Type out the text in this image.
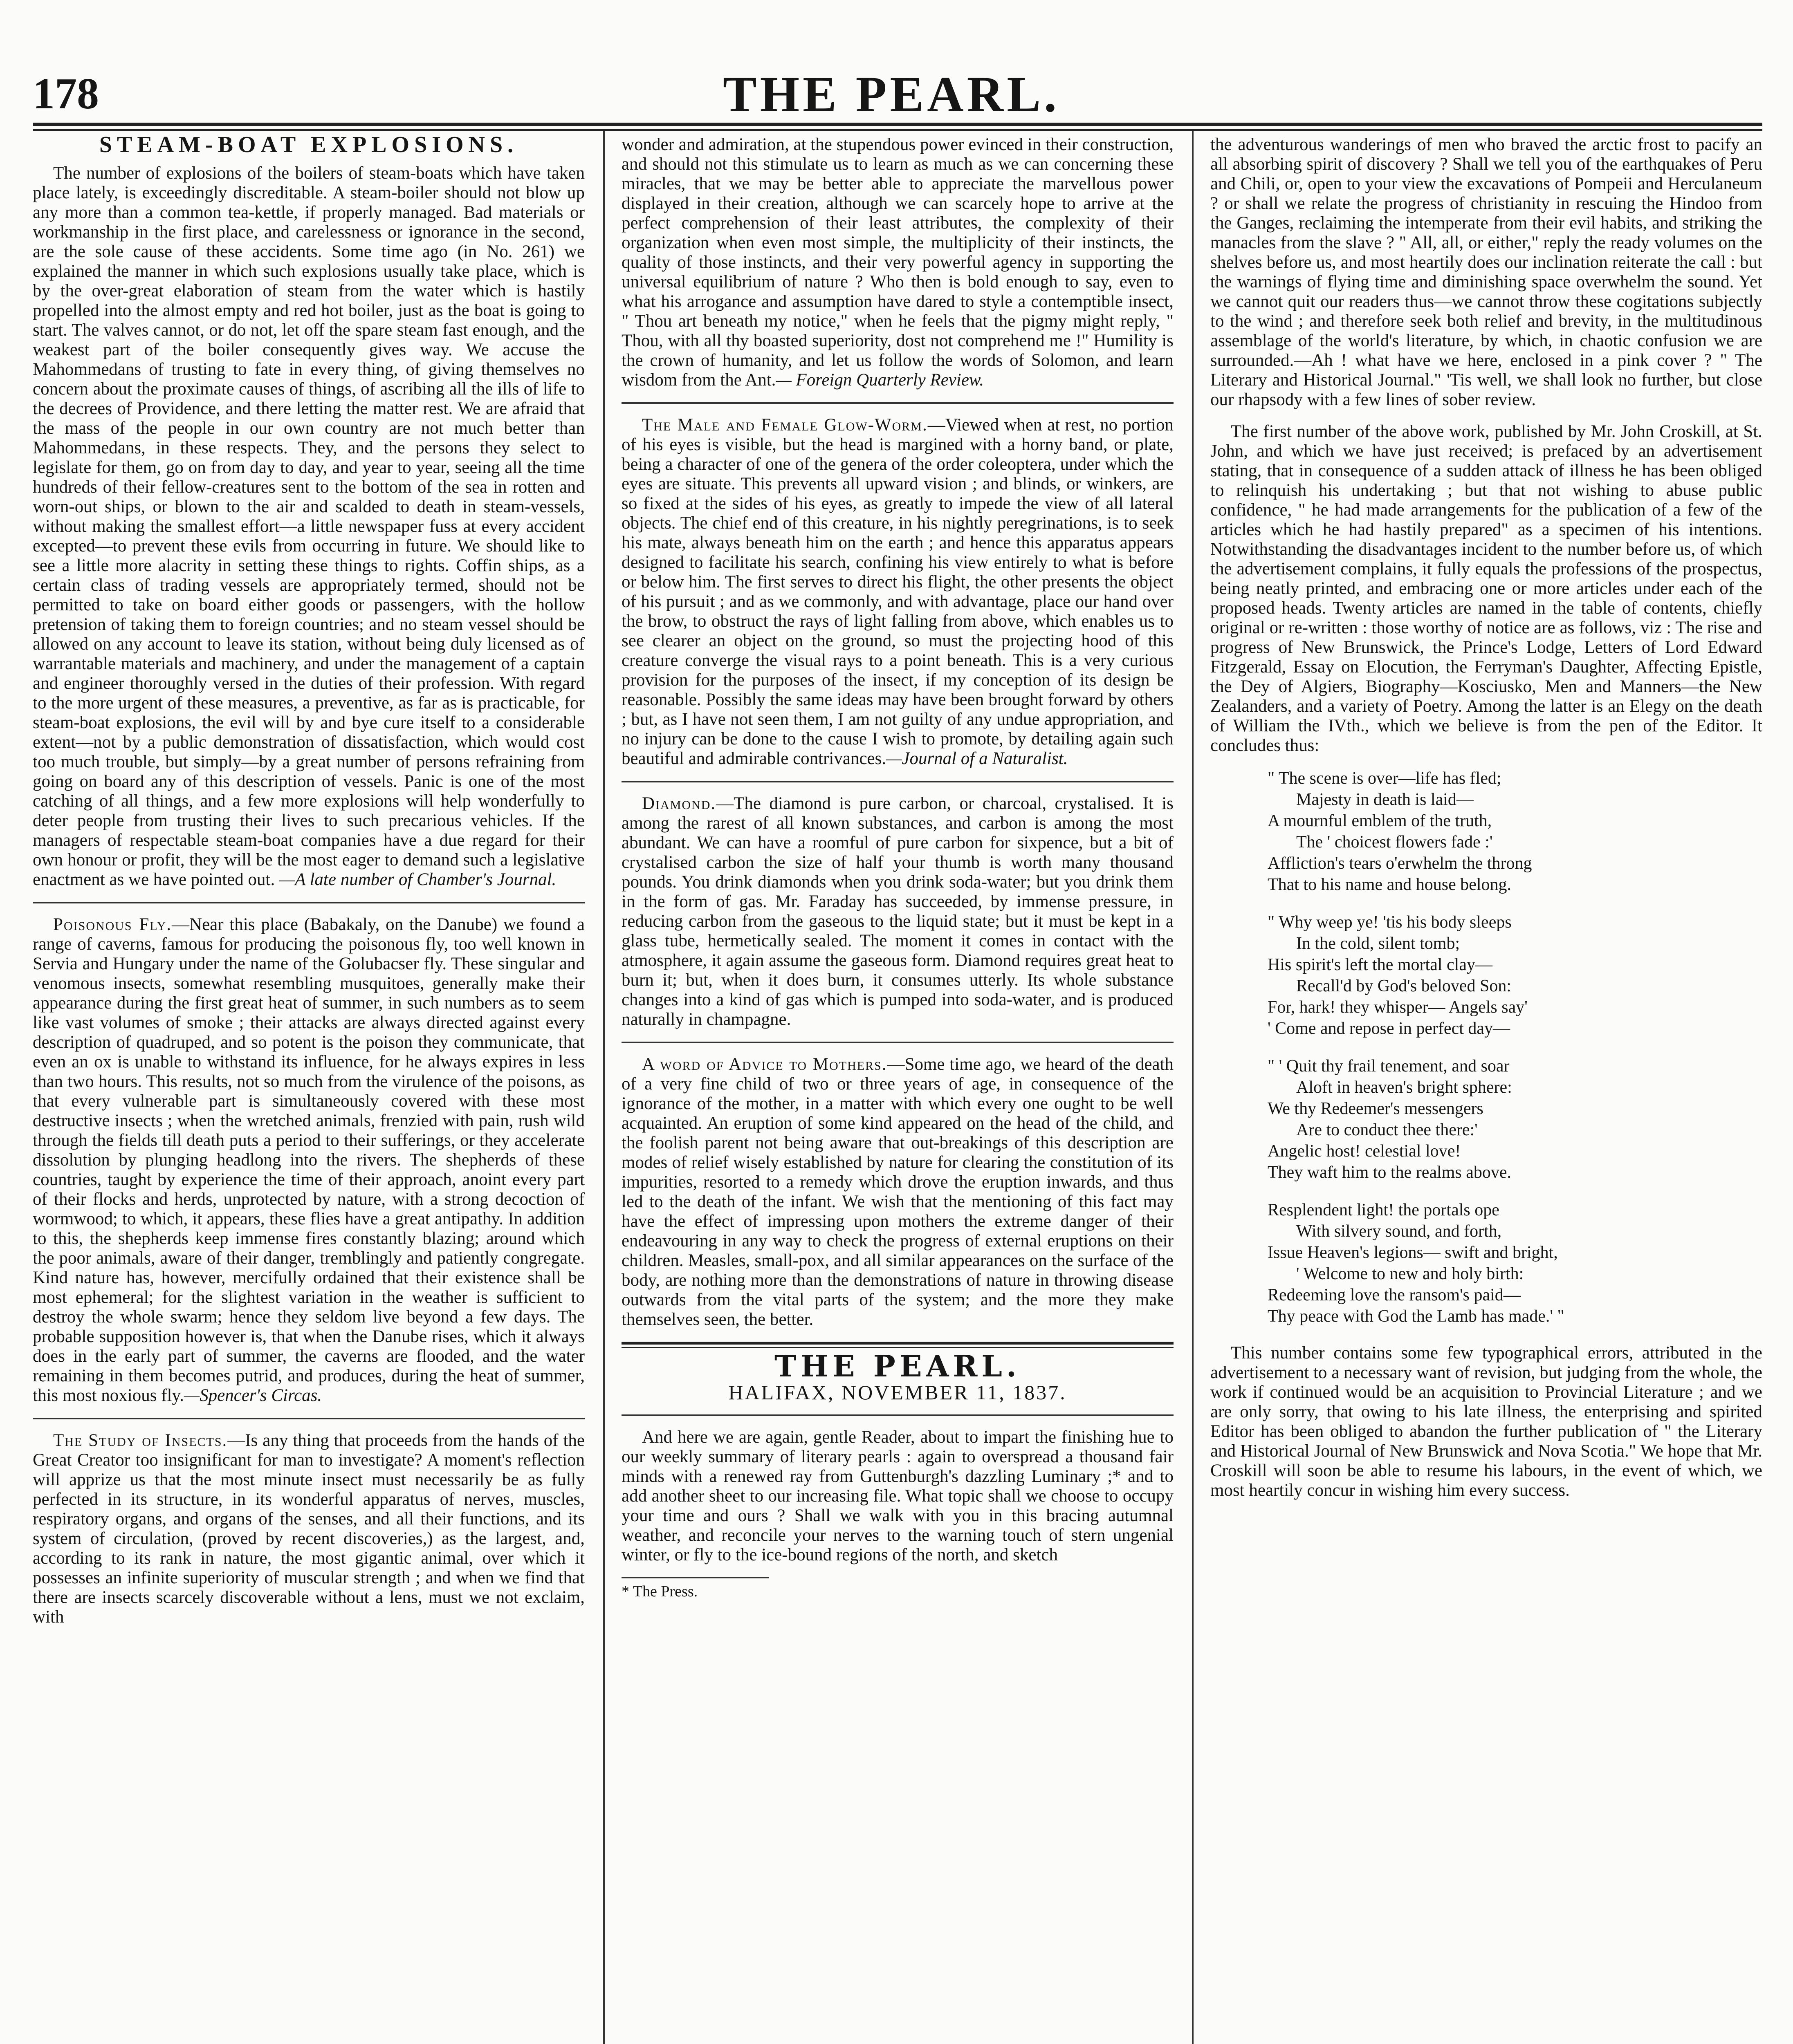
178	THE PEARL.
STEAM-BOAT EXPLOSIONS.

The number of explosions of the boilers of steam-boats which have taken place lately, is exceedingly discreditable. A steam-boiler should not blow up any more than a common tea-kettle, if properly managed. Bad materials or workmanship in the first place, and carelessness or ignorance in the second, are the sole cause of these accidents. Some time ago (in No. 261) we explained the manner in which such explosions usually take place, which is by the over-great elaboration of steam from the water which is hastily propelled into the almost empty and red hot boiler, just as the boat is going to start. The valves cannot, or do not, let off the spare steam fast enough, and the weakest part of the boiler consequently gives way. We accuse the Mahommedans of trusting to fate in every thing, of giving themselves no concern about the proximate causes of things, of ascribing all the ills of life to the decrees of Providence, and there letting the matter rest. We are afraid that the mass of the people in our own country are not much better than Mahommedans, in these respects. They, and the persons they select to legislate for them, go on from day to day, and year to year, seeing all the time hundreds of their fellow-creatures sent to the bottom of the sea in rotten and worn-out ships, or blown to the air and scalded to death in steam-vessels, without making the smallest effort—a little newspaper fuss at every accident excepted—to prevent these evils from occurring in future. We should like to see a little more alacrity in setting these things to rights. Coffin ships, as a certain class of trading vessels are appropriately termed, should not be permitted to take on board either goods or passengers, with the hollow pretension of taking them to foreign countries; and no steam vessel should be allowed on any account to leave its station, without being duly licensed as of warrantable materials and machinery, and under the management of a captain and engineer thoroughly versed in the duties of their profession. With regard to the more urgent of these measures, a preventive, as far as is practicable, for steam-boat explosions, the evil will by and bye cure itself to a considerable extent—not by a public demonstration of dissatisfaction, which would cost too much trouble, but simply—by a great number of persons refraining from going on board any of this description of vessels. Panic is one of the most catching of all things, and a few more explosions will help wonderfully to deter people from trusting their lives to such precarious vehicles. If the managers of respectable steam-boat companies have a due regard for their own honour or profit, they will be the most eager to demand such a legislative enactment as we have pointed out. —A late number of Chamber's Journal.

Poisonous Fly.—Near this place (Babakaly, on the Danube) we found a range of caverns, famous for producing the poisonous fly, too well known in Servia and Hungary under the name of the Golubacser fly. These singular and venomous insects, somewhat resembling musquitoes, generally make their appearance during the first great heat of summer, in such numbers as to seem like vast volumes of smoke ; their attacks are always directed against every description of quadruped, and so potent is the poison they communicate, that even an ox is unable to withstand its influence, for he always expires in less than two hours. This results, not so much from the virulence of the poisons, as that every vulnerable part is simultaneously covered with these most destructive insects ; when the wretched animals, frenzied with pain, rush wild through the fields till death puts a period to their sufferings, or they accelerate dissolution by plunging headlong into the rivers. The shepherds of these countries, taught by experience the time of their approach, anoint every part of their flocks and herds, unprotected by nature, with a strong decoction of wormwood; to which, it appears, these flies have a great antipathy. In addition to this, the shepherds keep immense fires constantly blazing; around which the poor animals, aware of their danger, tremblingly and patiently congregate. Kind nature has, however, mercifully ordained that their existence shall be most ephemeral; for the slightest variation in the weather is sufficient to destroy the whole swarm; hence they seldom live beyond a few days. The probable supposition however is, that when the Danube rises, which it always does in the early part of summer, the caverns are flooded, and the water remaining in them becomes putrid, and produces, during the heat of summer, this most noxious fly.—Spencer's Circas.

The Study of Insects.—Is any thing that proceeds from the hands of the Great Creator too insignificant for man to investigate? A moment's reflection will apprize us that the most minute insect must necessarily be as fully perfected in its structure, in its wonderful apparatus of nerves, muscles, respiratory organs, and organs of the senses, and all their functions, and its system of circulation, (proved by recent discoveries,) as the largest, and, according to its rank in nature, the most gigantic animal, over which it possesses an infinite superiority of muscular strength ; and when we find that there are insects scarcely discoverable without a lens, must we not exclaim, with

wonder and admiration, at the stupendous power evinced in their construction, and should not this stimulate us to learn as much as we can concerning these miracles, that we may be better able to appreciate the marvellous power displayed in their creation, although we can scarcely hope to arrive at the perfect comprehension of their least attributes, the complexity of their organization when even most simple, the multiplicity of their instincts, the quality of those instincts, and their very powerful agency in supporting the universal equilibrium of nature ? Who then is bold enough to say, even to what his arrogance and assumption have dared to style a contemptible insect, " Thou art beneath my notice," when he feels that the pigmy might reply, " Thou, with all thy boasted superiority, dost not comprehend me !" Humility is the crown of humanity, and let us follow the words of Solomon, and learn wisdom from the Ant.— Foreign Quarterly Review.

The Male and Female Glow-Worm.—Viewed when at rest, no portion of his eyes is visible, but the head is margined with a horny band, or plate, being a character of one of the genera of the order coleoptera, under which the eyes are situate. This prevents all upward vision ; and blinds, or winkers, are so fixed at the sides of his eyes, as greatly to impede the view of all lateral objects. The chief end of this creature, in his nightly peregrinations, is to seek his mate, always beneath him on the earth ; and hence this apparatus appears designed to facilitate his search, confining his view entirely to what is before or below him. The first serves to direct his flight, the other presents the object of his pursuit ; and as we commonly, and with advantage, place our hand over the brow, to obstruct the rays of light falling from above, which enables us to see clearer an object on the ground, so must the projecting hood of this creature converge the visual rays to a point beneath. This is a very curious provision for the purposes of the insect, if my conception of its design be reasonable. Possibly the same ideas may have been brought forward by others ; but, as I have not seen them, I am not guilty of any undue appropriation, and no injury can be done to the cause I wish to promote, by detailing again such beautiful and admirable contrivances.—Journal of a Naturalist.

Diamond.—The diamond is pure carbon, or charcoal, crystalised. It is among the rarest of all known substances, and carbon is among the most abundant. We can have a roomful of pure carbon for sixpence, but a bit of crystalised carbon the size of half your thumb is worth many thousand pounds. You drink diamonds when you drink soda-water; but you drink them in the form of gas. Mr. Faraday has succeeded, by immense pressure, in reducing carbon from the gaseous to the liquid state; but it must be kept in a glass tube, hermetically sealed. The moment it comes in contact with the atmosphere, it again assume the gaseous form. Diamond requires great heat to burn it; but, when it does burn, it consumes utterly. Its whole substance changes into a kind of gas which is pumped into soda-water, and is produced naturally in champagne.

A word of Advice to Mothers.—Some time ago, we heard of the death of a very fine child of two or three years of age, in consequence of the ignorance of the mother, in a matter with which every one ought to be well acquainted. An eruption of some kind appeared on the head of the child, and the foolish parent not being aware that out-breakings of this description are modes of relief wisely established by nature for clearing the constitution of its impurities, resorted to a remedy which drove the eruption inwards, and thus led to the death of the infant. We wish that the mentioning of this fact may have the effect of impressing upon mothers the extreme danger of their endeavouring in any way to check the progress of external eruptions on their children. Measles, small-pox, and all similar appearances on the surface of the body, are nothing more than the demonstrations of nature in throwing disease outwards from the vital parts of the system; and the more they make themselves seen, the better.

THE PEARL.
HALIFAX, NOVEMBER 11, 1837.

And here we are again, gentle Reader, about to impart the finishing hue to our weekly summary of literary pearls : again to overspread a thousand fair minds with a renewed ray from Guttenburgh's dazzling Luminary ;* and to add another sheet to our increasing file. What topic shall we choose to occupy your time and ours ? Shall we walk with you in this bracing autumnal weather, and reconcile your nerves to the warning touch of stern ungenial winter, or fly to the ice-bound regions of the north, and sketch

* The Press.

the adventurous wanderings of men who braved the arctic frost to pacify an all absorbing spirit of discovery ? Shall we tell you of the earthquakes of Peru and Chili, or, open to your view the excavations of Pompeii and Herculaneum ? or shall we relate the progress of christianity in rescuing the Hindoo from the Ganges, reclaiming the intemperate from their evil habits, and striking the manacles from the slave ? " All, all, or either," reply the ready volumes on the shelves before us, and most heartily does our inclination reiterate the call : but the warnings of flying time and diminishing space overwhelm the sound. Yet we cannot quit our readers thus—we cannot throw these cogitations subjectly to the wind ; and therefore seek both relief and brevity, in the multitudinous assemblage of the world's literature, by which, in chaotic confusion we are surrounded.—Ah ! what have we here, enclosed in a pink cover ? " The Literary and Historical Journal." 'Tis well, we shall look no further, but close our rhapsody with a few lines of sober review.

The first number of the above work, published by Mr. John Croskill, at St. John, and which we have just received; is prefaced by an advertisement stating, that in consequence of a sudden attack of illness he has been obliged to relinquish his undertaking ; but that not wishing to abuse public confidence, " he had made arrangements for the publication of a few of the articles which he had hastily prepared" as a specimen of his intentions. Notwithstanding the disadvantages incident to the number before us, of which the advertisement complains, it fully equals the professions of the prospectus, being neatly printed, and embracing one or more articles under each of the proposed heads. Twenty articles are named in the table of contents, chiefly original or re-written : those worthy of notice are as follows, viz : The rise and progress of New Brunswick, the Prince's Lodge, Letters of Lord Edward Fitzgerald, Essay on Elocution, the Ferryman's Daughter, Affecting Epistle, the Dey of Algiers, Biography—Kosciusko, Men and Manners—the New Zealanders, and a variety of Poetry. Among the latter is an Elegy on the death of William the IVth., which we believe is from the pen of the Editor. It concludes thus:

" The scene is over—life has fled;
Majesty in death is laid—
A mournful emblem of the truth,
The ' choicest flowers fade :'
Affliction's tears o'erwhelm the throng
That to his name and house belong.
" Why weep ye! 'tis his body sleeps
In the cold, silent tomb;
His spirit's left the mortal clay—
Recall'd by God's beloved Son:
For, hark! they whisper— Angels say'
' Come and repose in perfect day—
" ' Quit thy frail tenement, and soar
Aloft in heaven's bright sphere:
We thy Redeemer's messengers
Are to conduct thee there:'
Angelic host! celestial love!
They waft him to the realms above.
Resplendent light! the portals ope
With silvery sound, and forth,
Issue Heaven's legions— swift and bright,
' Welcome to new and holy birth:
Redeeming love the ransom's paid—
Thy peace with God the Lamb has made.' "

This number contains some few typographical errors, attributed in the advertisement to a necessary want of revision, but judging from the whole, the work if continued would be an acquisition to Provincial Literature ; and we are only sorry, that owing to his late illness, the enterprising and spirited Editor has been obliged to abandon the further publication of " the Literary and Historical Journal of New Brunswick and Nova Scotia." We hope that Mr. Croskill will soon be able to resume his labours, in the event of which, we most heartily concur in wishing him every success.
